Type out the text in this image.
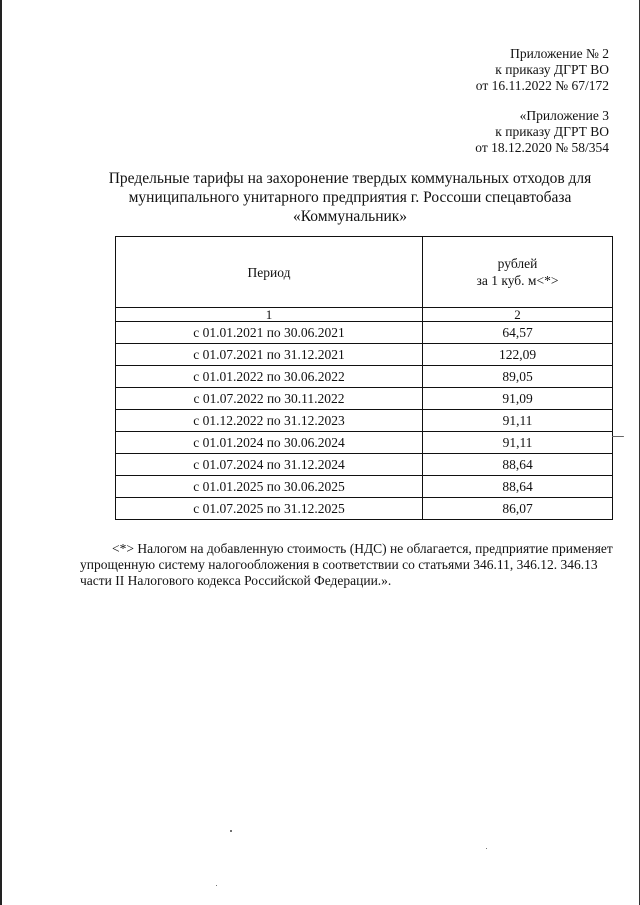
Приложение № 2
к приказу ДГРТ ВО
от 16.11.2022 № 67/172
«Приложение 3
к приказу ДГРТ ВО
от 18.12.2020 № 58/354
Предельные тарифы на захоронение твердых коммунальных отходов для
муниципального унитарного предприятия г. Россоши спецавтобаза
«Коммунальник»
Период	рублей
за 1 куб. м<*>

1	2
с 01.01.2021 по 30.06.2021	64,57
с 01.07.2021 по 31.12.2021	122,09
с 01.01.2022 по 30.06.2022	89,05
с 01.07.2022 по 30.11.2022	91,09
с 01.12.2022 по 31.12.2023	91,11
с 01.01.2024 по 30.06.2024	91,11
с 01.07.2024 по 31.12.2024	88,64
с 01.01.2025 по 30.06.2025	88,64
с 01.07.2025 по 31.12.2025	86,07
<*> Налогом на добавленную стоимость (НДС) не облагается, предприятие применяет
упрощенную систему налогообложения в соответствии со статьями 346.11, 346.12. 346.13
части II Налогового кодекса Российской Федерации.».
